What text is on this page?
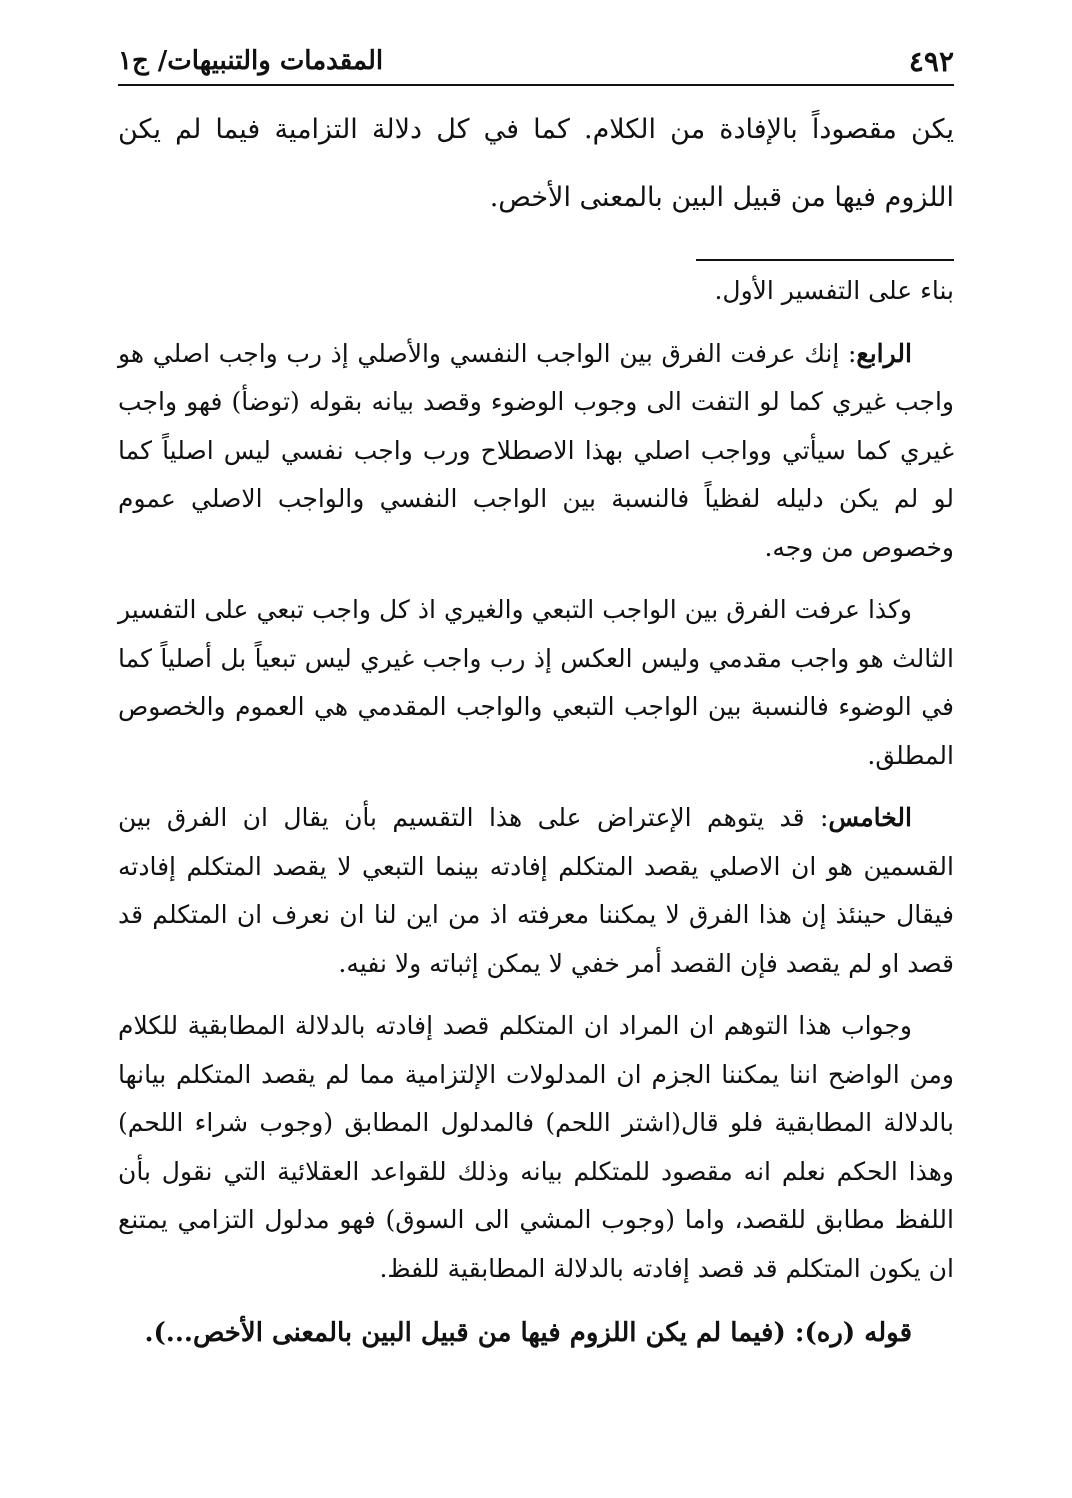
٤٩٢
المقدمات والتنبيهات/ ج١

يكن مقصوداً بالإفادة من الكلام. كما في كل دلالة التزامية فيما لم يكن اللزوم فيها من قبيل البين بالمعنى الأخص.

بناء على التفسير الأول.

الرابع: إنك عرفت الفرق بين الواجب النفسي والأصلي إذ رب واجب اصلي هو واجب غيري كما لو التفت الى وجوب الوضوء وقصد بيانه بقوله (توضأ) فهو واجب غيري كما سيأتي وواجب اصلي بهذا الاصطلاح ورب واجب نفسي ليس اصلياً كما لو لم يكن دليله لفظياً فالنسبة بين الواجب النفسي والواجب الاصلي عموم وخصوص من وجه.

وكذا عرفت الفرق بين الواجب التبعي والغيري اذ كل واجب تبعي على التفسير الثالث هو واجب مقدمي وليس العكس إذ رب واجب غيري ليس تبعياً بل أصلياً كما في الوضوء فالنسبة بين الواجب التبعي والواجب المقدمي هي العموم والخصوص المطلق.

الخامس: قد يتوهم الإعتراض على هذا التقسيم بأن يقال ان الفرق بين القسمين هو ان الاصلي يقصد المتكلم إفادته بينما التبعي لا يقصد المتكلم إفادته فيقال حينئذ إن هذا الفرق لا يمكننا معرفته اذ من اين لنا ان نعرف ان المتكلم قد قصد او لم يقصد فإن القصد أمر خفي لا يمكن إثباته ولا نفيه.

وجواب هذا التوهم ان المراد ان المتكلم قصد إفادته بالدلالة المطابقية للكلام ومن الواضح اننا يمكننا الجزم ان المدلولات الإلتزامية مما لم يقصد المتكلم بيانها بالدلالة المطابقية فلو قال(اشتر اللحم) فالمدلول المطابق (وجوب شراء اللحم) وهذا الحكم نعلم انه مقصود للمتكلم بيانه وذلك للقواعد العقلائية التي نقول بأن اللفظ مطابق للقصد، واما (وجوب المشي الى السوق) فهو مدلول التزامي يمتنع ان يكون المتكلم قد قصد إفادته بالدلالة المطابقية للفظ.

قوله (ره): (فيما لم يكن اللزوم فيها من قبيل البين بالمعنى الأخص...).
